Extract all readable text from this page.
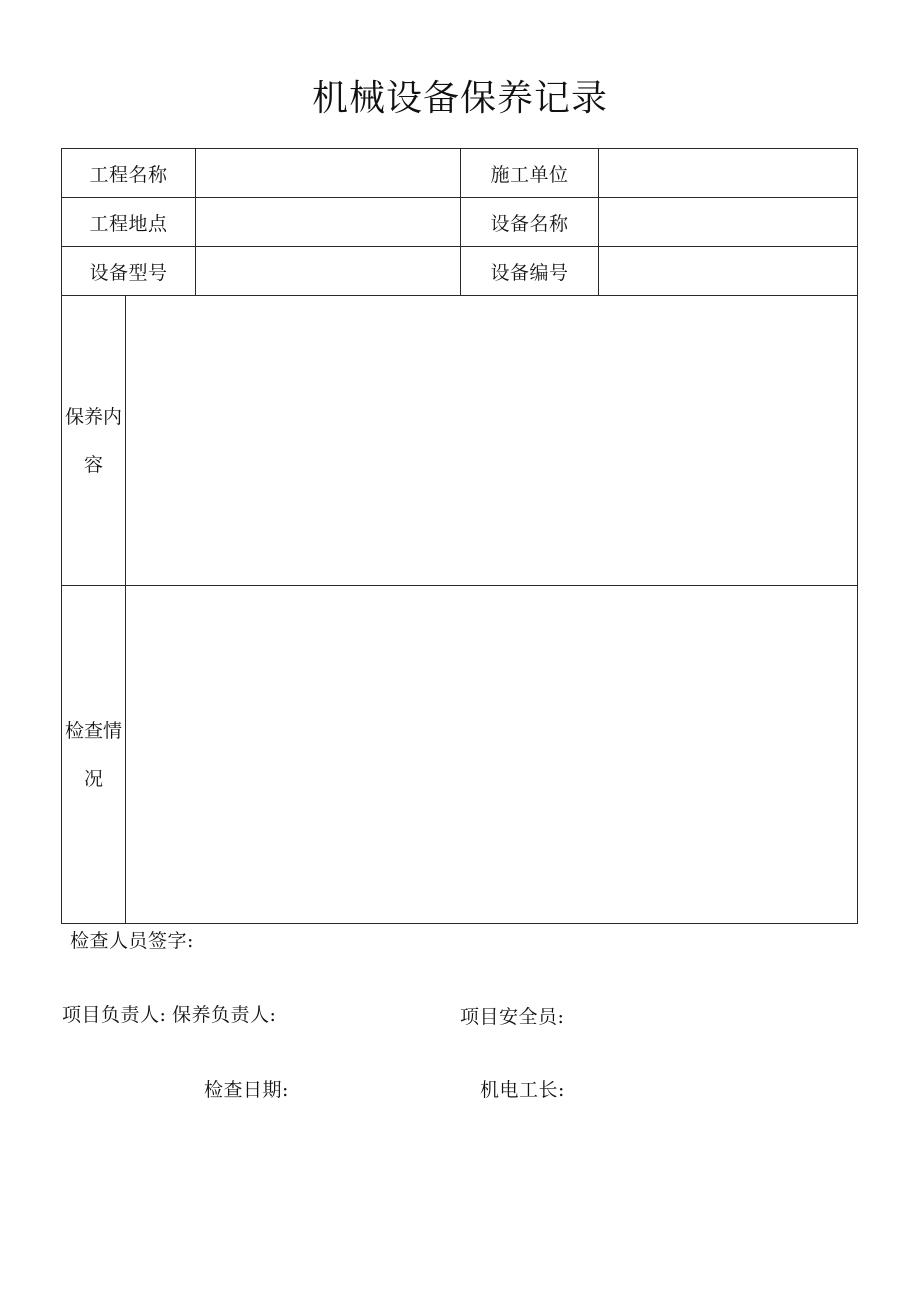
机械设备保养记录
工程名称	施工单位
工程地点	设备名称
设备型号	设备编号
保养内容
检查情况
检查人员签字:
项目负责人: 保养负责人:	项目安全员:
检查日期:	机电工长:
